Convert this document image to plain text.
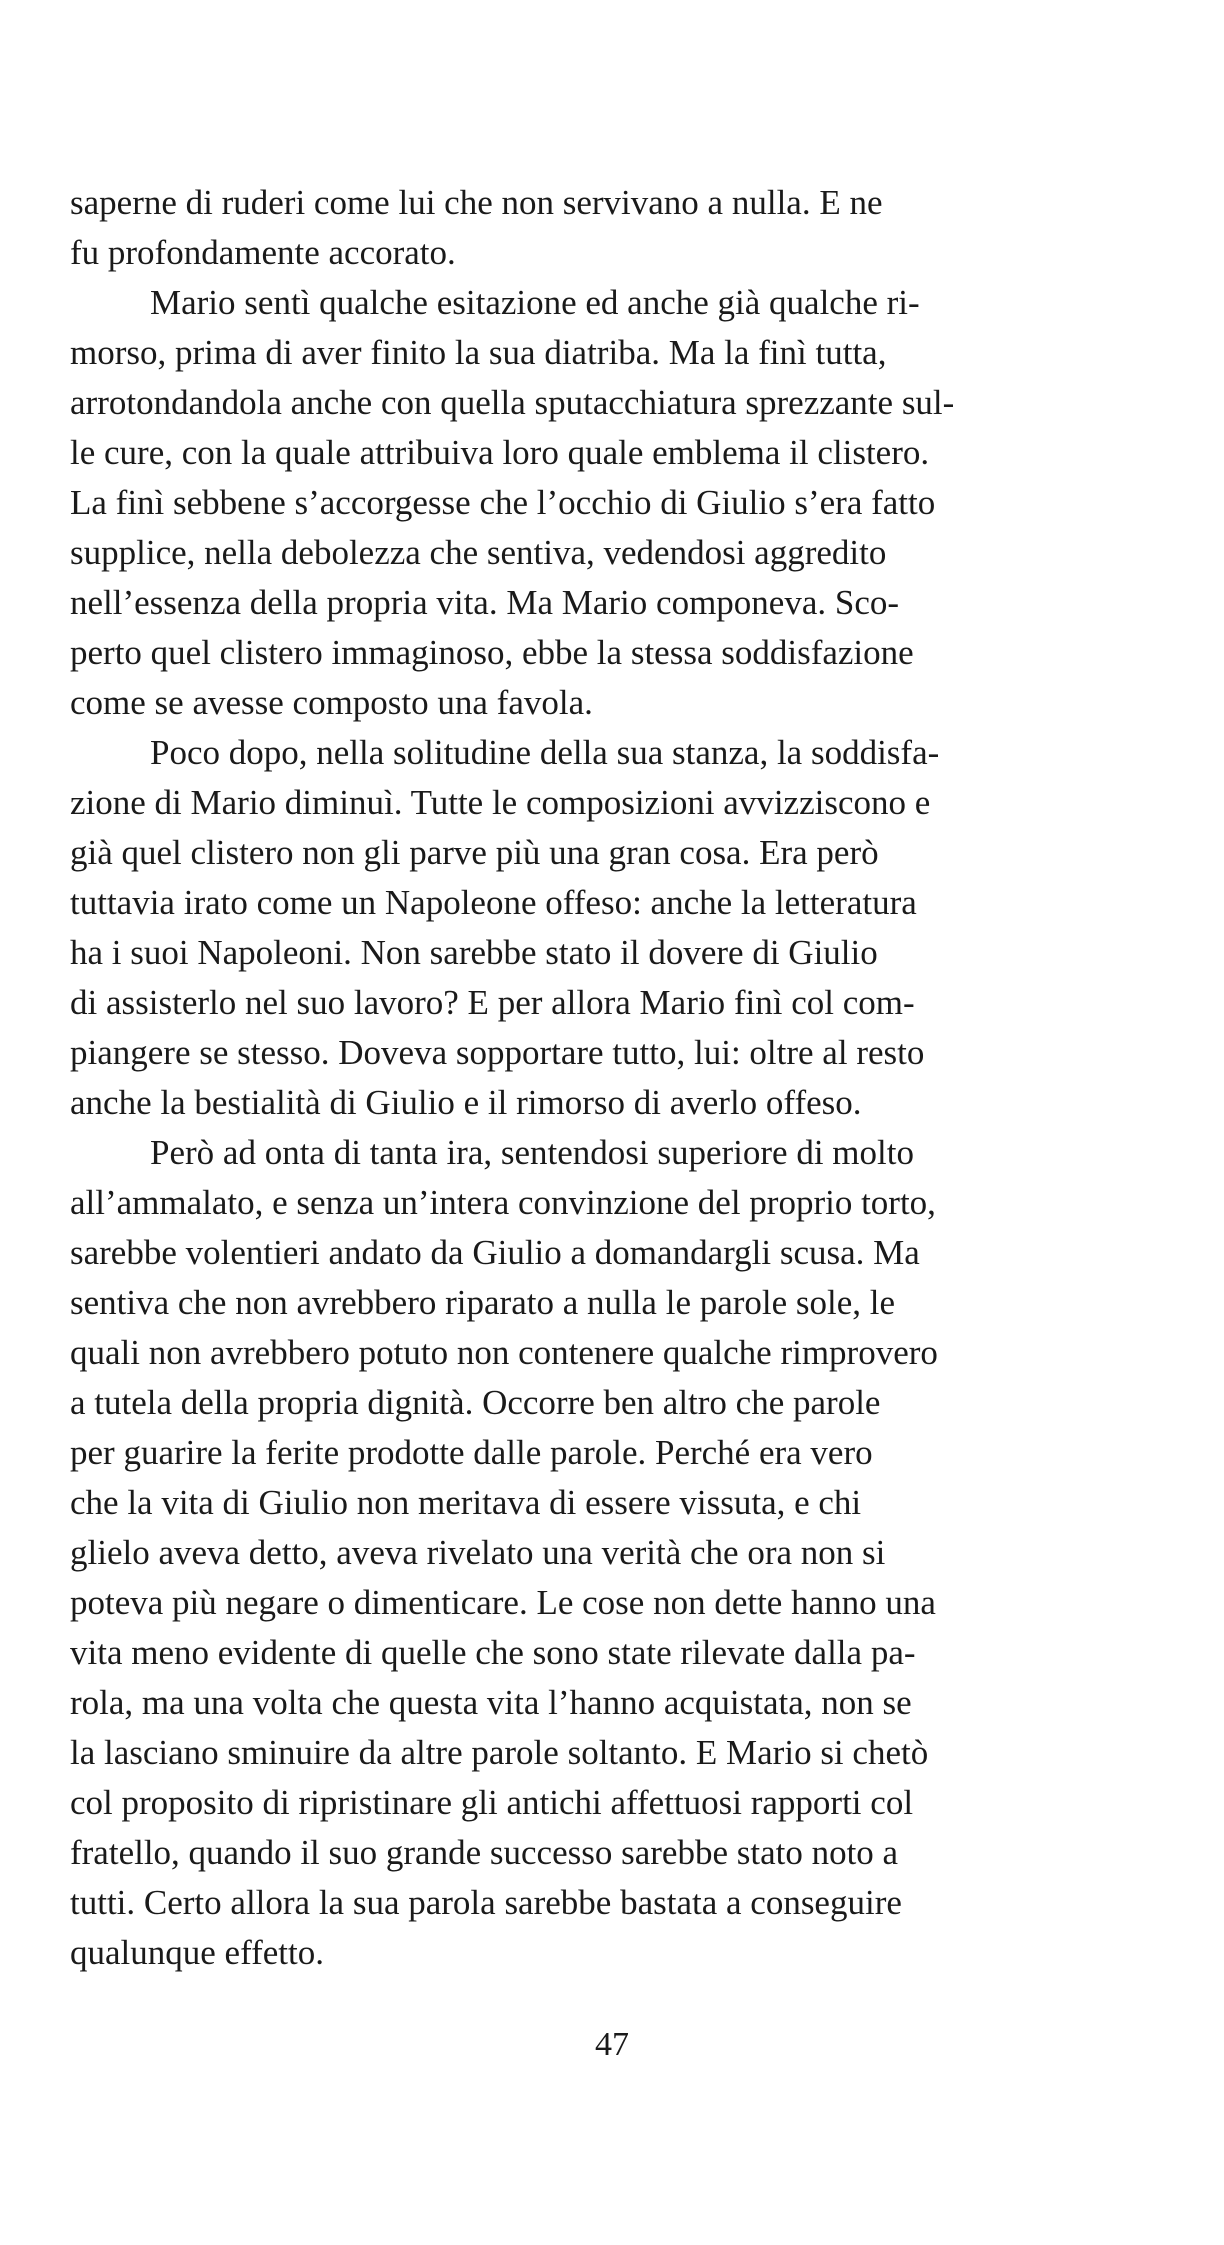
saperne di ruderi come lui che non servivano a nulla. E ne
fu profondamente accorato.
Mario sentì qualche esitazione ed anche già qualche ri-
morso, prima di aver finito la sua diatriba. Ma la finì tutta,
arrotondandola anche con quella sputacchiatura sprezzante sul-
le cure, con la quale attribuiva loro quale emblema il clistero.
La finì sebbene s’accorgesse che l’occhio di Giulio s’era fatto
supplice, nella debolezza che sentiva, vedendosi aggredito
nell’essenza della propria vita. Ma Mario componeva. Sco-
perto quel clistero immaginoso, ebbe la stessa soddisfazione
come se avesse composto una favola.
Poco dopo, nella solitudine della sua stanza, la soddisfa-
zione di Mario diminuì. Tutte le composizioni avvizziscono e
già quel clistero non gli parve più una gran cosa. Era però
tuttavia irato come un Napoleone offeso: anche la letteratura
ha i suoi Napoleoni. Non sarebbe stato il dovere di Giulio
di assisterlo nel suo lavoro? E per allora Mario finì col com-
piangere se stesso. Doveva sopportare tutto, lui: oltre al resto
anche la bestialità di Giulio e il rimorso di averlo offeso.
Però ad onta di tanta ira, sentendosi superiore di molto
all’ammalato, e senza un’intera convinzione del proprio torto,
sarebbe volentieri andato da Giulio a domandargli scusa. Ma
sentiva che non avrebbero riparato a nulla le parole sole, le
quali non avrebbero potuto non contenere qualche rimprovero
a tutela della propria dignità. Occorre ben altro che parole
per guarire la ferite prodotte dalle parole. Perché era vero
che la vita di Giulio non meritava di essere vissuta, e chi
glielo aveva detto, aveva rivelato una verità che ora non si
poteva più negare o dimenticare. Le cose non dette hanno una
vita meno evidente di quelle che sono state rilevate dalla pa-
rola, ma una volta che questa vita l’hanno acquistata, non se
la lasciano sminuire da altre parole soltanto. E Mario si chetò
col proposito di ripristinare gli antichi affettuosi rapporti col
fratello, quando il suo grande successo sarebbe stato noto a
tutti. Certo allora la sua parola sarebbe bastata a conseguire
qualunque effetto.
47
